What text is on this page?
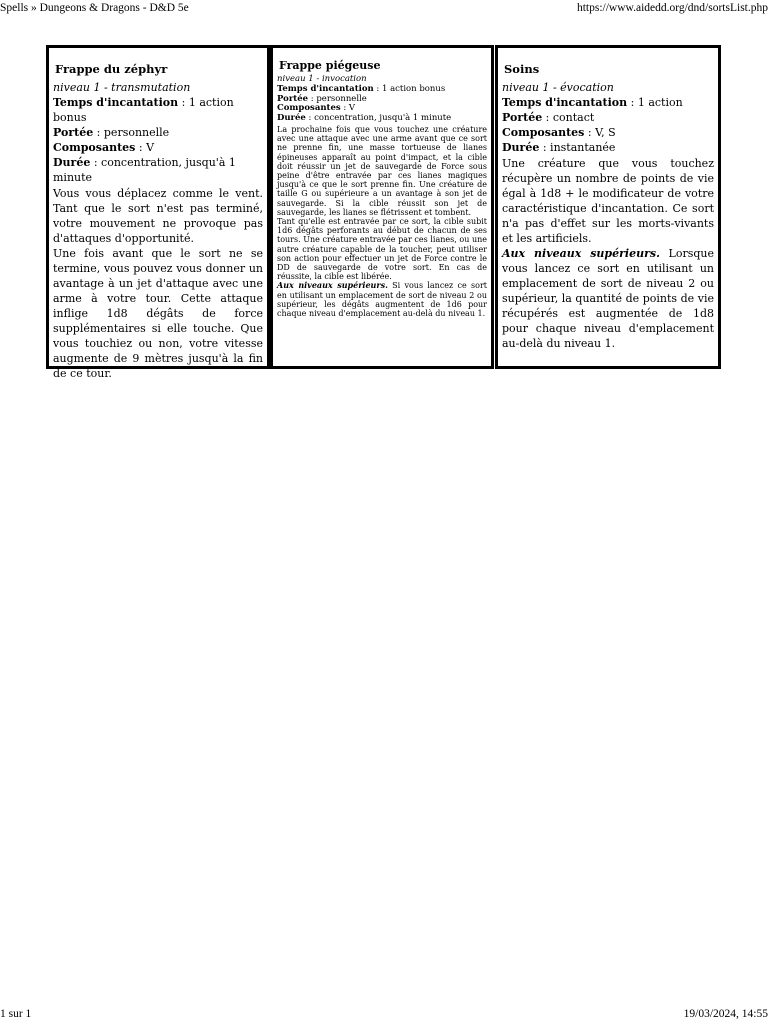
Spells » Dungeons & Dragons - D&D 5e	https://www.aidedd.org/dnd/sortsList.php
Frappe du zéphyr
niveau 1 - transmutation
Temps d'incantation : 1 action bonus
Portée : personnelle
Composantes : V
Durée : concentration, jusqu'à 1 minute

Vous vous déplacez comme le vent. Tant que le sort n'est pas terminé, votre mouvement ne provoque pas d'attaques d'opportunité.

Une fois avant que le sort ne se termine, vous pouvez vous donner un avantage à un jet d'attaque avec une arme à votre tour. Cette attaque inflige 1d8 dégâts de force supplémentaires si elle touche. Que vous touchiez ou non, votre vitesse augmente de 9 mètres jusqu'à la fin de ce tour.

Frappe piégeuse
niveau 1 - invocation
Temps d'incantation : 1 action bonus
Portée : personnelle
Composantes : V
Durée : concentration, jusqu'à 1 minute

La prochaine fois que vous touchez une créature avec une attaque avec une arme avant que ce sort ne prenne fin, une masse tortueuse de lianes épineuses apparaît au point d'impact, et la cible doit réussir un jet de sauvegarde de Force sous peine d'être entravée par ces lianes magiques jusqu'à ce que le sort prenne fin. Une créature de taille G ou supérieure a un avantage à son jet de sauvegarde. Si la cible réussit son jet de sauvegarde, les lianes se flétrissent et tombent.

Tant qu'elle est entravée par ce sort, la cible subit 1d6 dégâts perforants au début de chacun de ses tours. Une créature entravée par ces lianes, ou une autre créature capable de la toucher, peut utiliser son action pour effectuer un jet de Force contre le DD de sauvegarde de votre sort. En cas de réussite, la cible est libérée.

Aux niveaux supérieurs. Si vous lancez ce sort en utilisant un emplacement de sort de niveau 2 ou supérieur, les dégâts augmentent de 1d6 pour chaque niveau d'emplacement au-delà du niveau 1.

Soins
niveau 1 - évocation
Temps d'incantation : 1 action
Portée : contact
Composantes : V, S
Durée : instantanée

Une créature que vous touchez récupère un nombre de points de vie égal à 1d8 + le modificateur de votre caractéristique d'incantation. Ce sort n'a pas d'effet sur les morts-vivants et les artificiels.

Aux niveaux supérieurs. Lorsque vous lancez ce sort en utilisant un emplacement de sort de niveau 2 ou supérieur, la quantité de points de vie récupérés est augmentée de 1d8 pour chaque niveau d'emplacement au-delà du niveau 1.

1 sur 1	19/03/2024, 14:55
